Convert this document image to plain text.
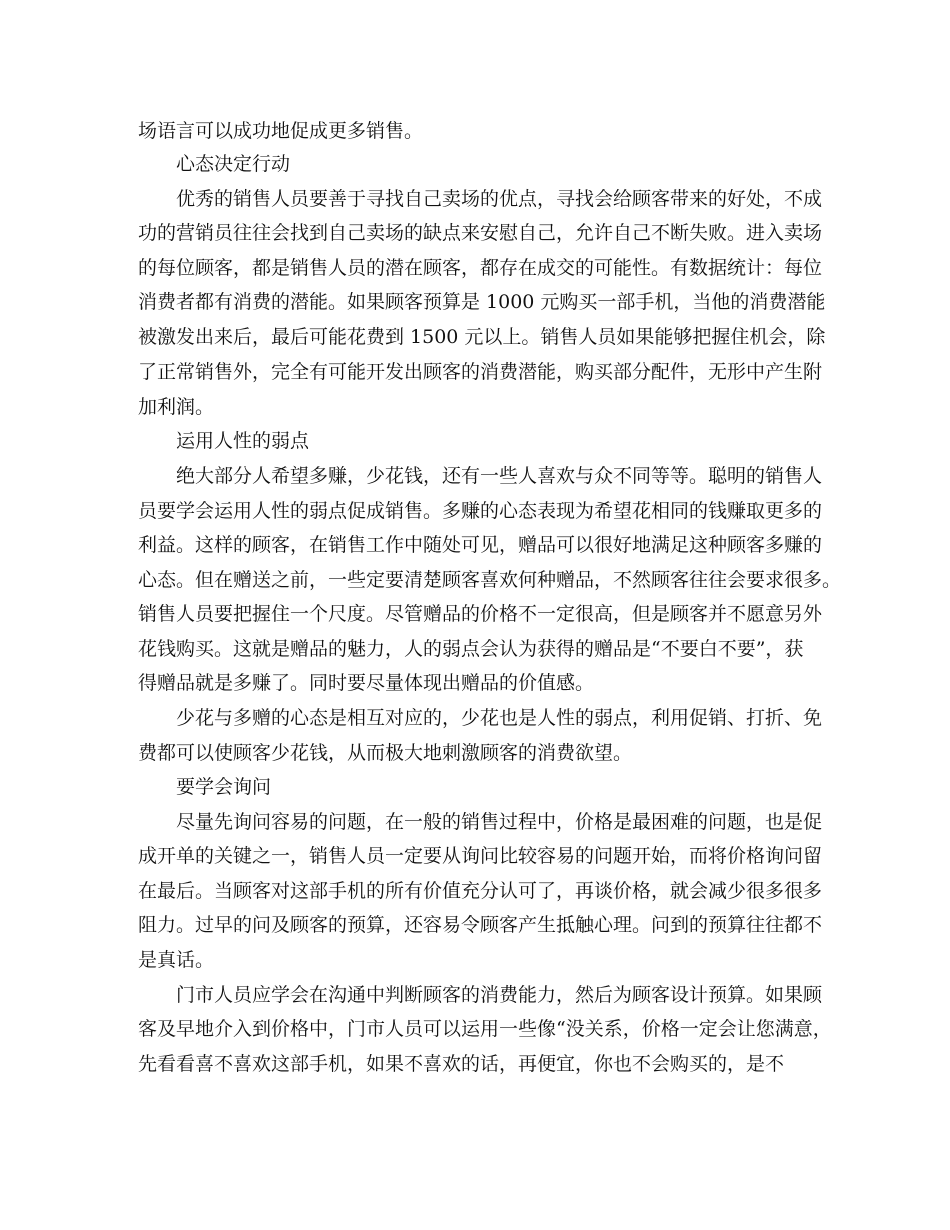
场语言可以成功地促成更多销售。
心态决定行动
优秀的销售人员要善于寻找自己卖场的优点，寻找会给顾客带来的好处，不成
功的营销员往往会找到自己卖场的缺点来安慰自己，允许自己不断失败。进入卖场
的每位顾客，都是销售人员的潜在顾客，都存在成交的可能性。有数据统计：每位
消费者都有消费的潜能。如果顾客预算是 1000 元购买一部手机，当他的消费潜能
被激发出来后，最后可能花费到 1500 元以上。销售人员如果能够把握住机会，除
了正常销售外，完全有可能开发出顾客的消费潜能，购买部分配件，无形中产生附
加利润。
运用人性的弱点
绝大部分人希望多赚，少花钱，还有一些人喜欢与众不同等等。聪明的销售人
员要学会运用人性的弱点促成销售。多赚的心态表现为希望花相同的钱赚取更多的
利益。这样的顾客，在销售工作中随处可见，赠品可以很好地满足这种顾客多赚的
心态。但在赠送之前，一些定要清楚顾客喜欢何种赠品，不然顾客往往会要求很多。
销售人员要把握住一个尺度。尽管赠品的价格不一定很高，但是顾客并不愿意另外
花钱购买。这就是赠品的魅力，人的弱点会认为获得的赠品是“不要白不要”，获
得赠品就是多赚了。同时要尽量体现出赠品的价值感。
少花与多赠的心态是相互对应的，少花也是人性的弱点，利用促销、打折、免
费都可以使顾客少花钱，从而极大地刺激顾客的消费欲望。
要学会询问
尽量先询问容易的问题，在一般的销售过程中，价格是最困难的问题，也是促
成开单的关键之一，销售人员一定要从询问比较容易的问题开始，而将价格询问留
在最后。当顾客对这部手机的所有价值充分认可了，再谈价格，就会减少很多很多
阻力。过早的问及顾客的预算，还容易令顾客产生抵触心理。问到的预算往往都不
是真话。
门市人员应学会在沟通中判断顾客的消费能力，然后为顾客设计预算。如果顾
客及早地介入到价格中，门市人员可以运用一些像“没关系，价格一定会让您满意，
先看看喜不喜欢这部手机，如果不喜欢的话，再便宜，你也不会购买的，是不
